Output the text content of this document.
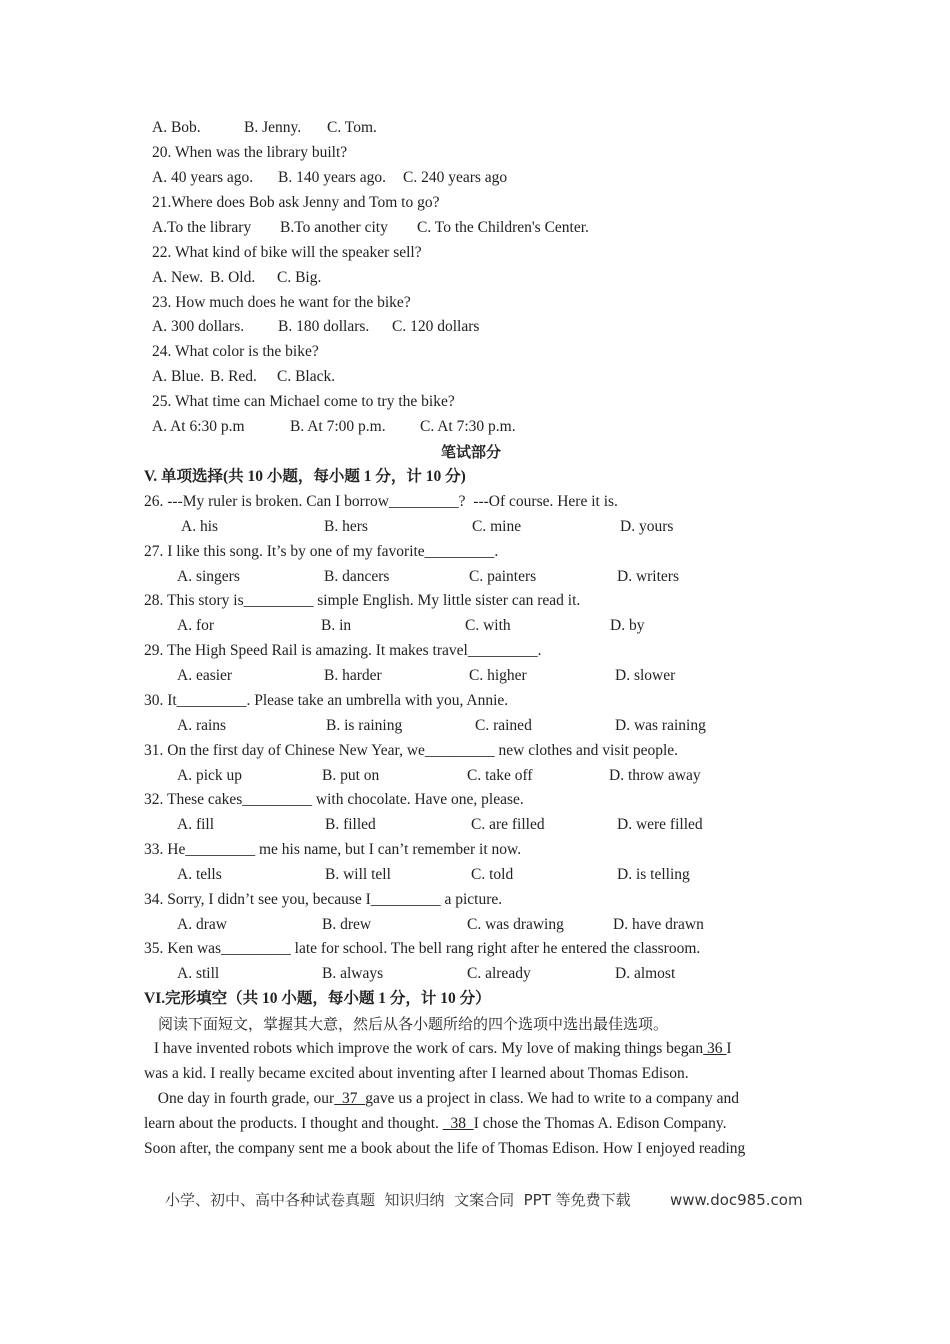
A. Bob.	B. Jenny. C. Tom.
20. When was the library built?
A. 40 years ago. B. 140 years ago. C. 240 years ago
21.Where does Bob ask Jenny and Tom to go?
A.To the library B.To another city C. To the Children's Center.
22. What kind of bike will the speaker sell?
A. New. B. Old. C. Big.
23. How much does he want for the bike?
A. 300 dollars. B. 180 dollars. C. 120 dollars
24. What color is the bike?
A. Blue. B. Red. C. Black.
25. What time can Michael come to try the bike?
A. At 6:30 p.m	B. At 7:00 p.m. C. At 7:30 p.m.
笔试部分
V. 单项选择(共 10 小题，每小题 1 分，计 10 分)
26. ---My ruler is broken. Can I borrow_________?  ---Of course. Here it is.
A. his	B. hers	C. mine	D. yours
27. I like this song. It’s by one of my favorite_________.
A. singers	B. dancers	C. painters	D. writers
28. This story is_________ simple English. My little sister can read it.
A. for	B. in	C. with	D. by
29. The High Speed Rail is amazing. It makes travel_________.
A. easier	B. harder	C. higher	D. slower
30. It_________. Please take an umbrella with you, Annie.
A. rains	B. is raining	C. rained	D. was raining
31. On the first day of Chinese New Year, we_________ new clothes and visit people.
A. pick up	B. put on	C. take off	D. throw away
32. These cakes_________ with chocolate. Have one, please.
A. fill	B. filled	C. are filled	D. were filled
33. He_________ me his name, but I can’t remember it now.
A. tells	B. will tell	C. told	D. is telling
34. Sorry, I didn’t see you, because I_________ a picture.
A. draw	B. drew	C. was drawing	D. have drawn
35. Ken was_________ late for school. The bell rang right after he entered the classroom.
A. still	B. always	C. already	D. almost
VI.完形填空（共 10 小题，每小题 1 分，计 10 分）
阅读下面短文，掌握其大意，然后从各小题所给的四个选项中选出最佳选项。
I have invented robots which improve the work of cars. My love of making things began 36 I
was a kid. I really became excited about inventing after I learned about Thomas Edison.
One day in fourth grade, our  37  gave us a project in class. We had to write to a company and
learn about the products. I thought and thought.   38  I chose the Thomas A. Edison Company.
Soon after, the company sent me a book about the life of Thomas Edison. How I enjoyed reading
小学、初中、高中各种试卷真题  知识归纳  文案合同  PPT 等免费下载	www.doc985.com
